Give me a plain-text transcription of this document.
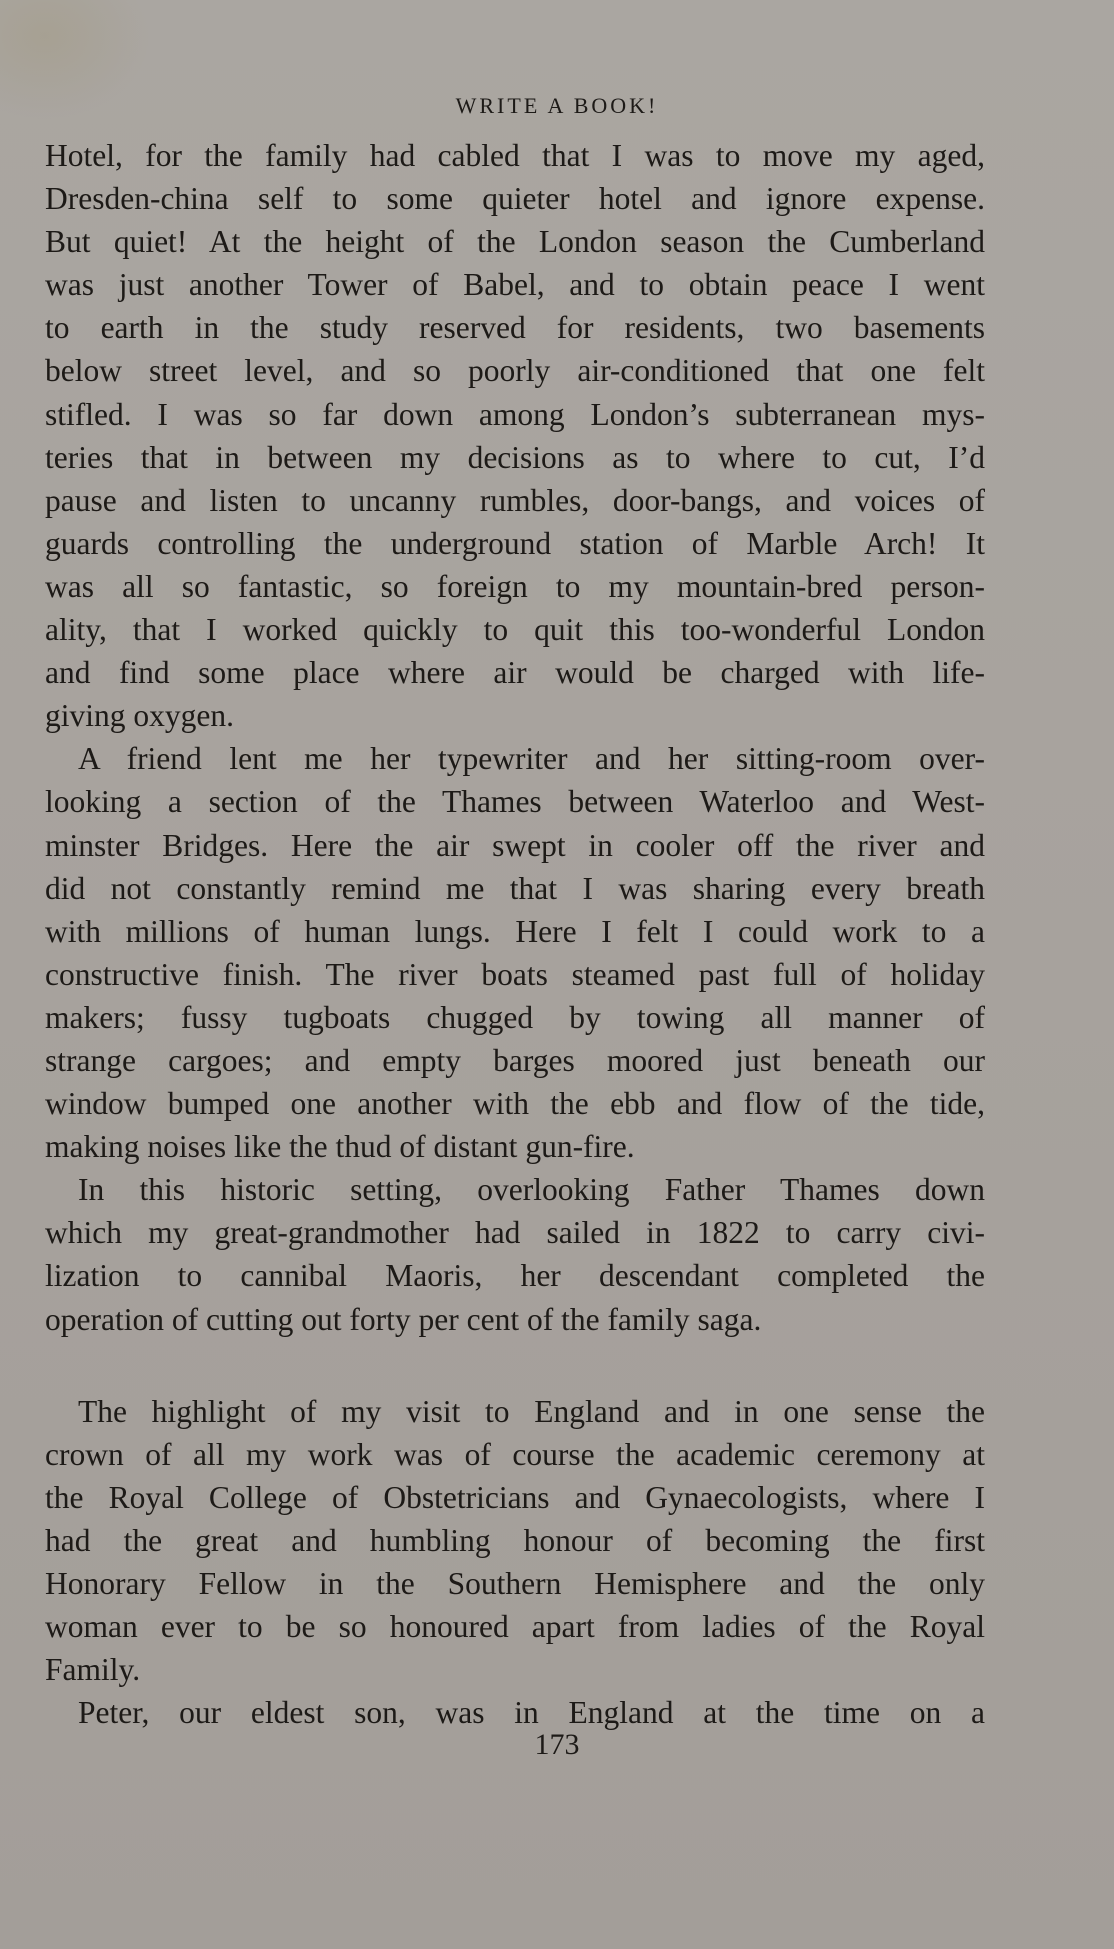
WRITE A BOOK!
Hotel, for the family had cabled that I was to move my aged,
Dresden-china self to some quieter hotel and ignore expense.
But quiet! At the height of the London season the Cumberland
was just another Tower of Babel, and to obtain peace I went
to earth in the study reserved for residents, two basements
below street level, and so poorly air-conditioned that one felt
stifled. I was so far down among London’s subterranean mys-
teries that in between my decisions as to where to cut, I’d
pause and listen to uncanny rumbles, door-bangs, and voices of
guards controlling the underground station of Marble Arch! It
was all so fantastic, so foreign to my mountain-bred person-
ality, that I worked quickly to quit this too-wonderful London
and find some place where air would be charged with life-
giving oxygen.
A friend lent me her typewriter and her sitting-room over-
looking a section of the Thames between Waterloo and West-
minster Bridges. Here the air swept in cooler off the river and
did not constantly remind me that I was sharing every breath
with millions of human lungs. Here I felt I could work to a
constructive finish. The river boats steamed past full of holiday
makers; fussy tugboats chugged by towing all manner of
strange cargoes; and empty barges moored just beneath our
window bumped one another with the ebb and flow of the tide,
making noises like the thud of distant gun-fire.
In this historic setting, overlooking Father Thames down
which my great-grandmother had sailed in 1822 to carry civi-
lization to cannibal Maoris, her descendant completed the
operation of cutting out forty per cent of the family saga.
The highlight of my visit to England and in one sense the
crown of all my work was of course the academic ceremony at
the Royal College of Obstetricians and Gynaecologists, where I
had the great and humbling honour of becoming the first
Honorary Fellow in the Southern Hemisphere and the only
woman ever to be so honoured apart from ladies of the Royal
Family.
Peter, our eldest son, was in England at the time on a
173
